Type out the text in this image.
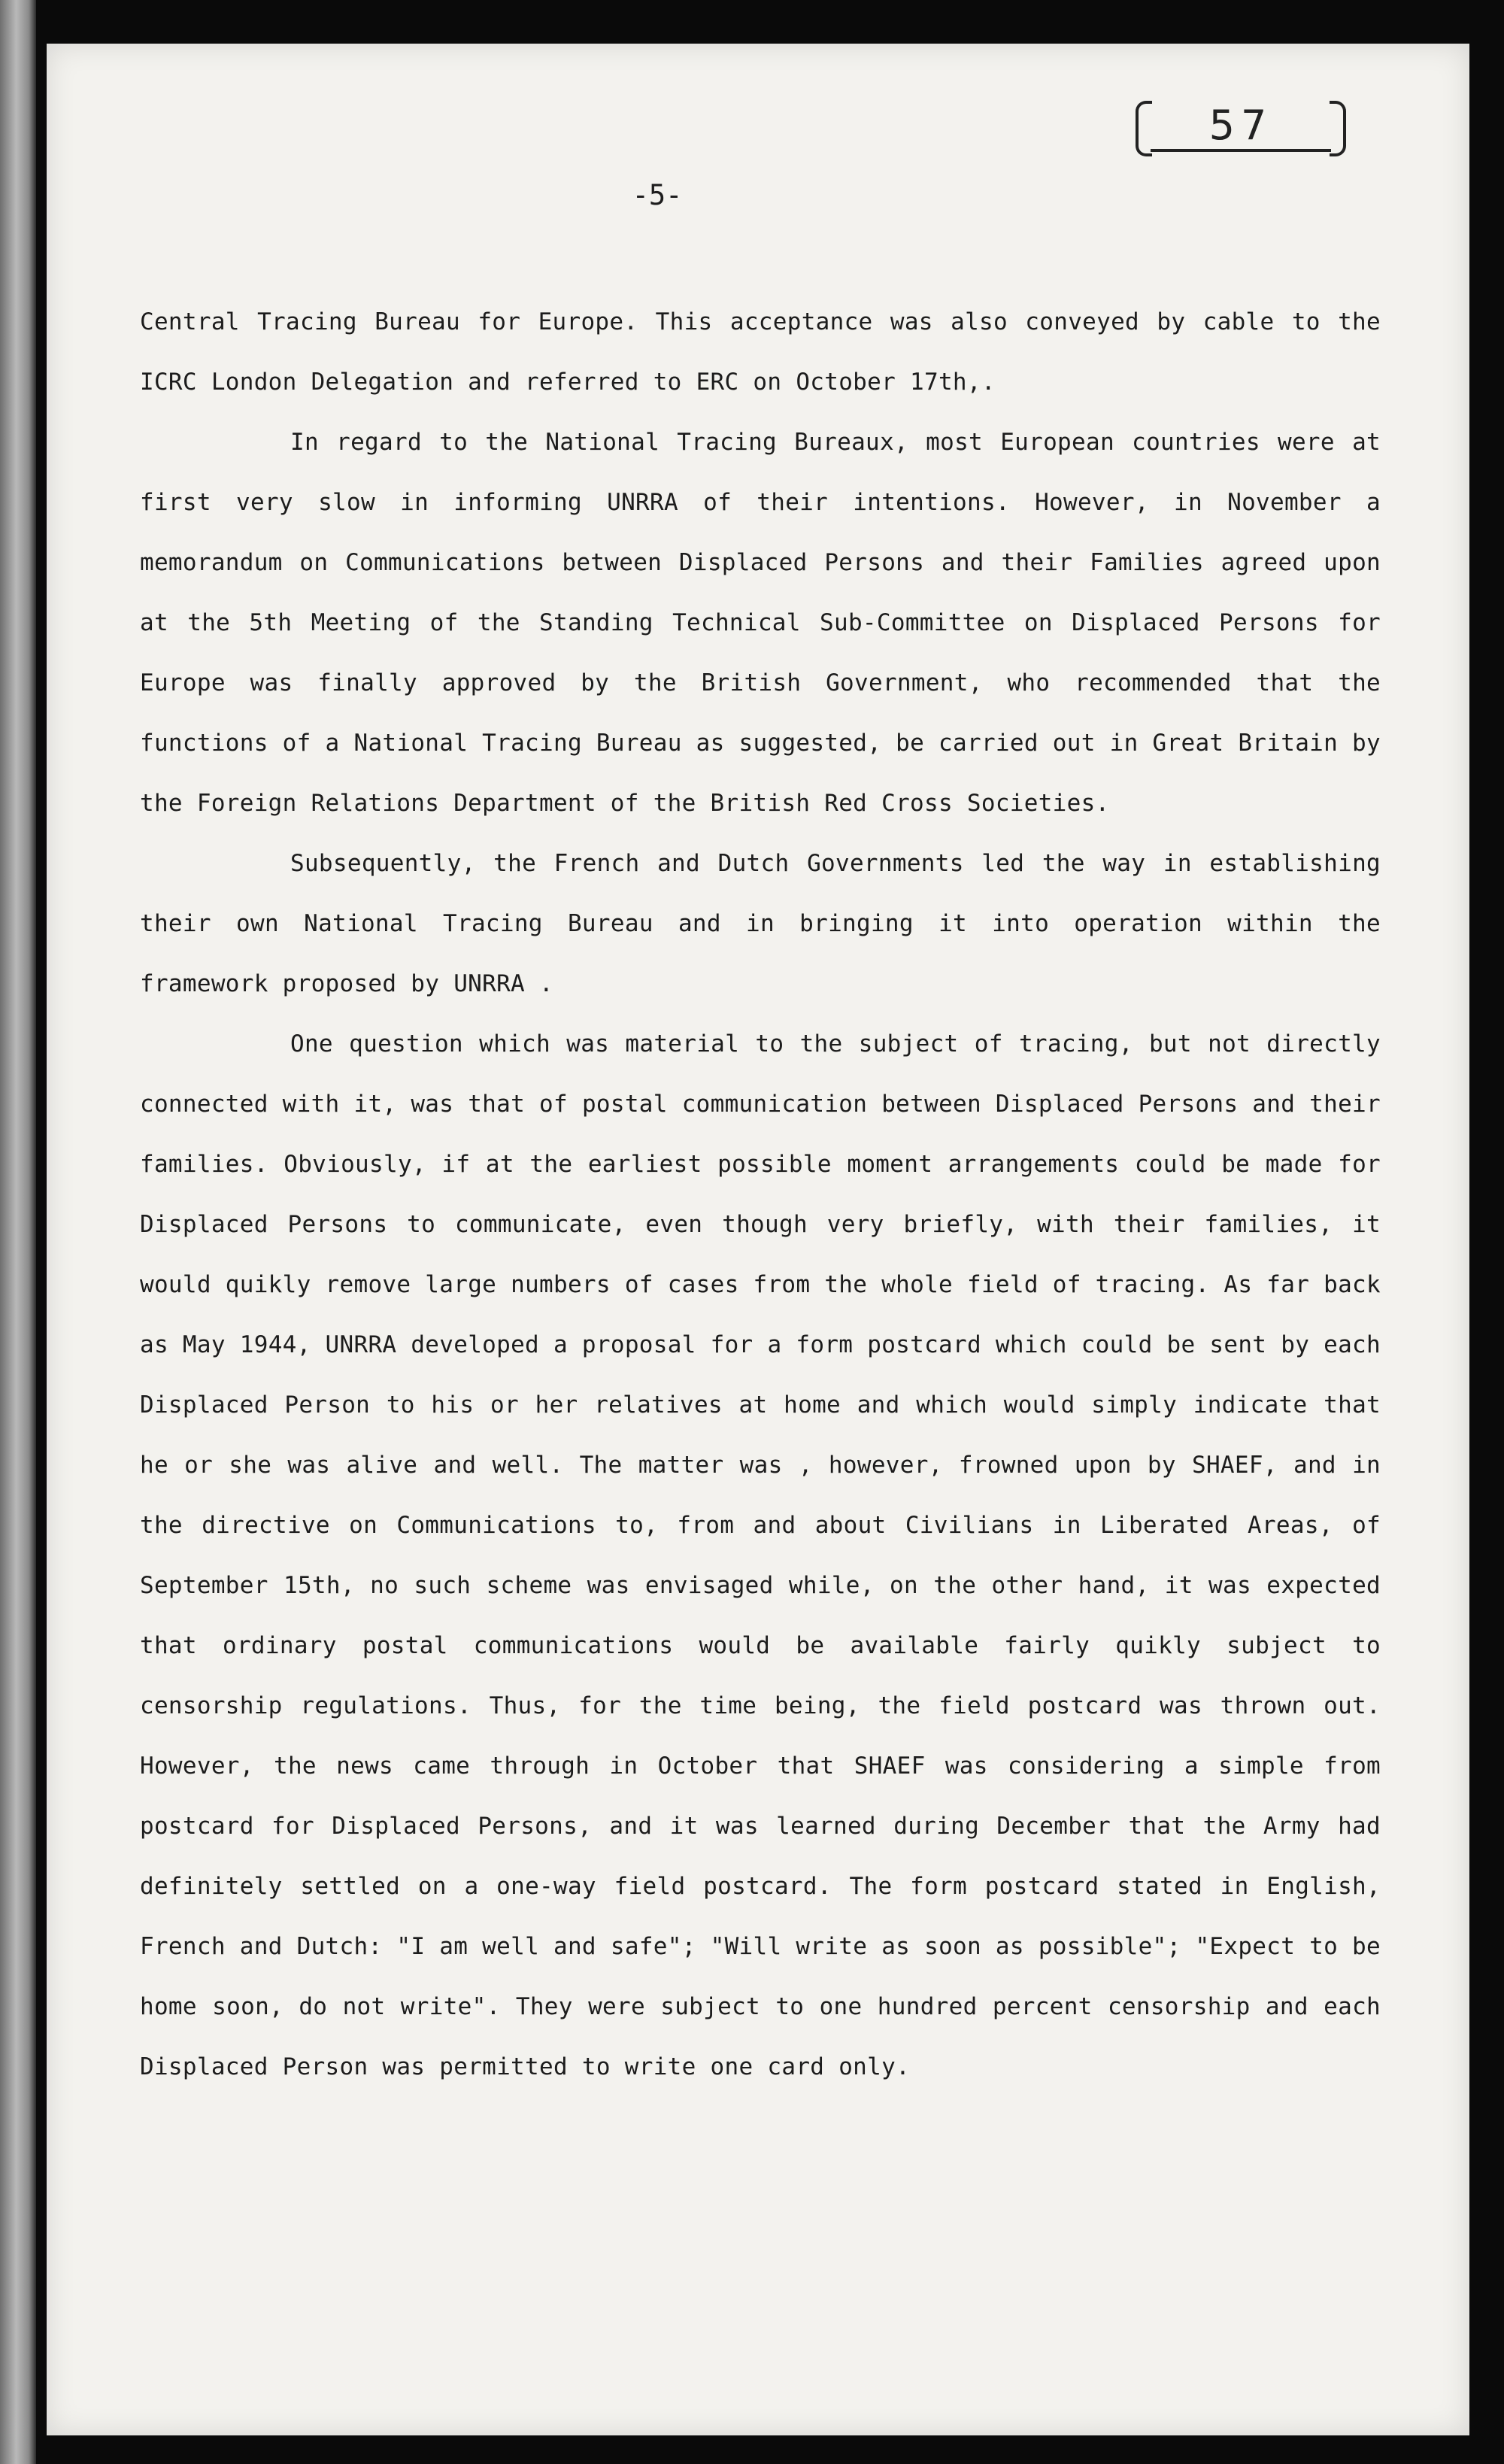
57
-5-

Central Tracing Bureau for Europe. This acceptance was also conveyed by cable to the ICRC London Delegation and referred to ERC on October 17th,.

In regard to the National Tracing Bureaux, most European countries were at first very slow in informing UNRRA of their intentions. However, in November a memorandum on Communications between Displaced Persons and their Families agreed upon at the 5th Meeting of the Standing Technical Sub-Committee on Displaced Persons for Europe was finally approved by the British Government, who recommended that the functions of a National Tracing Bureau as suggested, be carried out in Great Britain by the Foreign Relations Department of the British Red Cross Societies.

Subsequently, the French and Dutch Governments led the way in establishing their own National Tracing Bureau and in bringing it into operation within the framework proposed by UNRRA .

One question which was material to the subject of tracing, but not directly connected with it, was that of postal communication between Displaced Persons and their families. Obviously, if at the earliest possible moment arrangements could be made for Displaced Persons to communicate, even though very briefly, with their families, it would quikly remove large numbers of cases from the whole field of tracing. As far back as May 1944, UNRRA developed a proposal for a form postcard which could be sent by each Displaced Person to his or her relatives at home and which would simply indicate that he or she was alive and well. The matter was , however, frowned upon by SHAEF, and in the directive on Communications to, from and about Civilians in Liberated Areas, of September 15th, no such scheme was envisaged while, on the other hand, it was expected that ordinary postal communications would be available fairly quikly subject to censorship regulations. Thus, for the time being, the field postcard was thrown out. However, the news came through in October that SHAEF was considering a simple from postcard for Displaced Persons, and it was learned during December that the Army had definitely settled on a one-way field postcard. The form postcard stated in English, French and Dutch: "I am well and safe"; "Will write as soon as possible"; "Expect to be home soon, do not write". They were subject to one hundred percent censorship and each Displaced Person was permitted to write one card only.
